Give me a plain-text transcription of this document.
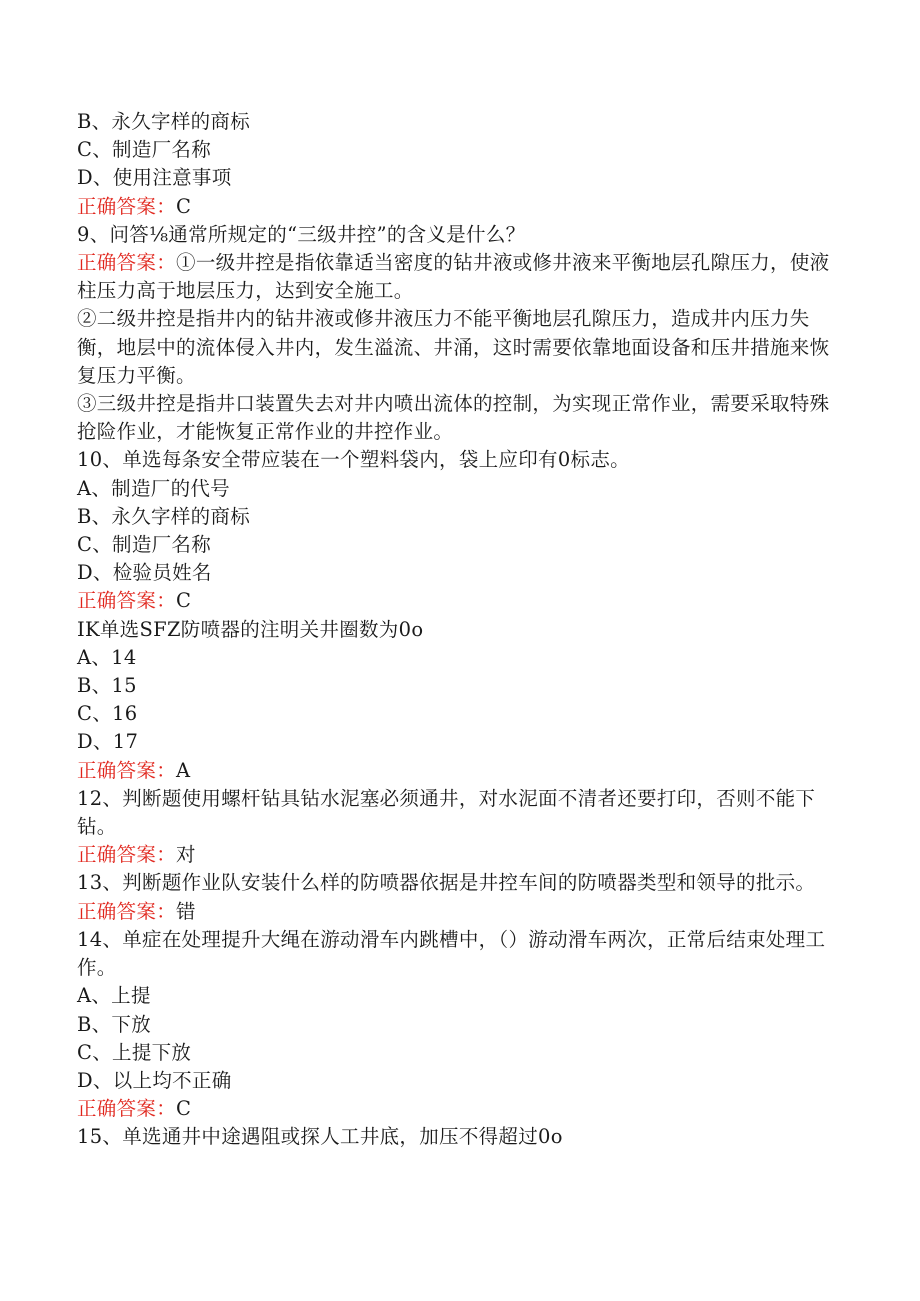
B、永久字样的商标
C、制造厂名称
D、使用注意事项
正确答案：C
9、问答⅛通常所规定的“三级井控”的含义是什么？
正确答案：①一级井控是指依靠适当密度的钻井液或修井液来平衡地层孔隙压力，使液柱压力高于地层压力，达到安全施工。
②二级井控是指井内的钻井液或修井液压力不能平衡地层孔隙压力，造成井内压力失衡，地层中的流体侵入井内，发生溢流、井涌，这时需要依靠地面设备和压井措施来恢复压力平衡。
③三级井控是指井口装置失去对井内喷出流体的控制，为实现正常作业，需要采取特殊抢险作业，才能恢复正常作业的井控作业。
10、单选每条安全带应装在一个塑料袋内，袋上应印有0标志。
A、制造厂的代号
B、永久字样的商标
C、制造厂名称
D、检验员姓名
正确答案：C
IK单选SFZ防喷器的注明关井圈数为0o
A、14
B、15
C、16
D、17
正确答案：A
12、判断题使用螺杆钻具钻水泥塞必须通井，对水泥面不清者还要打印，否则不能下钻。
正确答案：对
13、判断题作业队安装什么样的防喷器依据是井控车间的防喷器类型和领导的批示。
正确答案：错
14、单症在处理提升大绳在游动滑车内跳槽中，（）游动滑车两次，正常后结束处理工作。
A、上提
B、下放
C、上提下放
D、以上均不正确
正确答案：C
15、单选通井中途遇阻或探人工井底，加压不得超过0o
